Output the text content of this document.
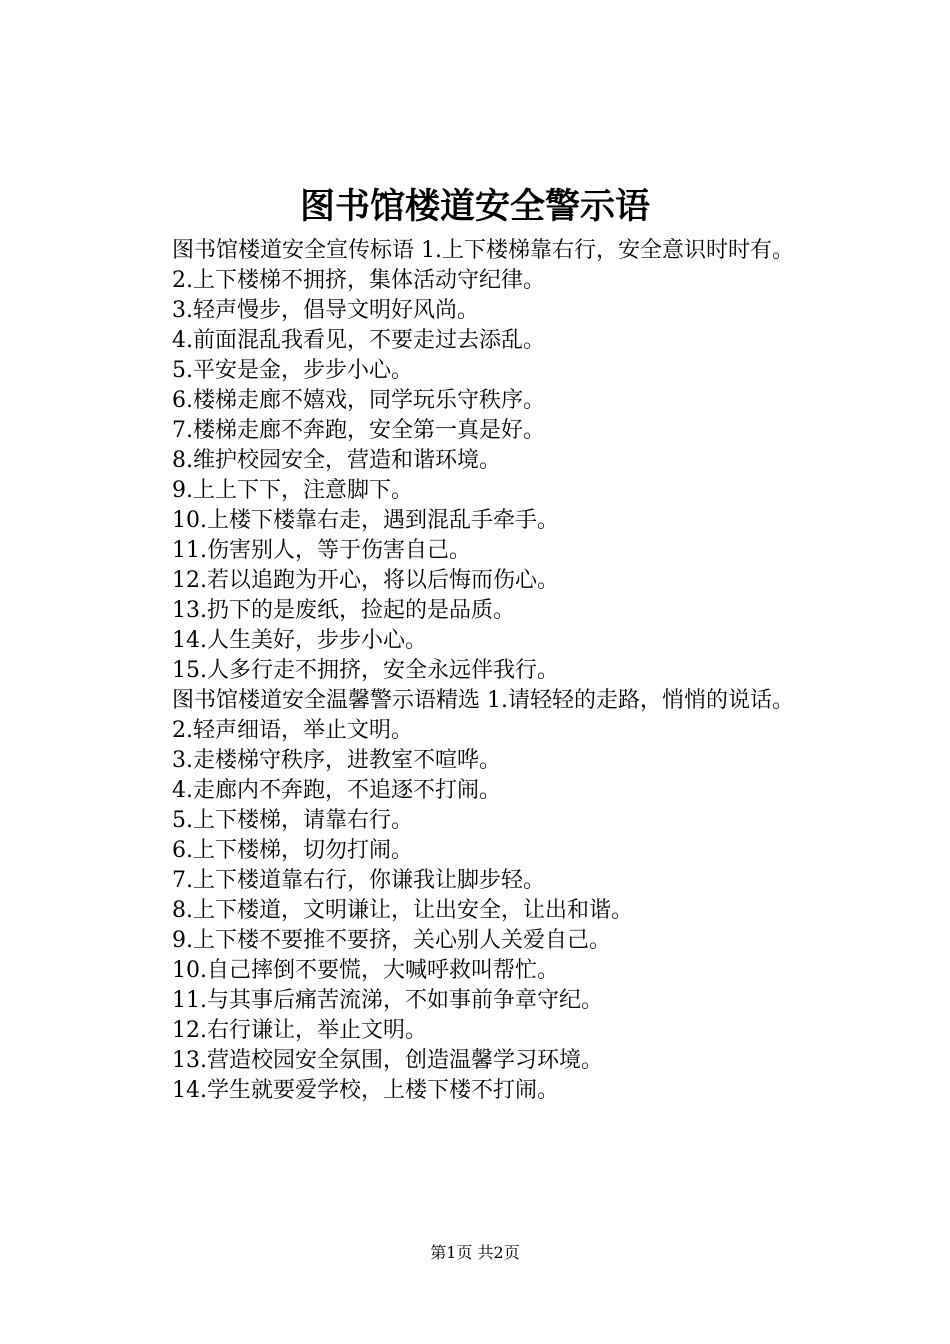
图书馆楼道安全警示语

图书馆楼道安全宣传标语 1.上下楼梯靠右行，安全意识时时有。

2.上下楼梯不拥挤，集体活动守纪律。

3.轻声慢步，倡导文明好风尚。

4.前面混乱我看见，不要走过去添乱。

5.平安是金，步步小心。

6.楼梯走廊不嬉戏，同学玩乐守秩序。

7.楼梯走廊不奔跑，安全第一真是好。

8.维护校园安全，营造和谐环境。

9.上上下下，注意脚下。

10.上楼下楼靠右走，遇到混乱手牵手。

11.伤害别人，等于伤害自己。

12.若以追跑为开心，将以后悔而伤心。

13.扔下的是废纸，捡起的是品质。

14.人生美好，步步小心。

15.人多行走不拥挤，安全永远伴我行。

图书馆楼道安全温馨警示语精选 1.请轻轻的走路，悄悄的说话。

2.轻声细语，举止文明。

3.走楼梯守秩序，进教室不喧哗。

4.走廊内不奔跑，不追逐不打闹。

5.上下楼梯，请靠右行。

6.上下楼梯，切勿打闹。

7.上下楼道靠右行，你谦我让脚步轻。

8.上下楼道，文明谦让，让出安全，让出和谐。

9.上下楼不要推不要挤，关心别人关爱自己。

10.自己摔倒不要慌，大喊呼救叫帮忙。

11.与其事后痛苦流涕，不如事前争章守纪。

12.右行谦让，举止文明。

13.营造校园安全氛围，创造温馨学习环境。

14.学生就要爱学校，上楼下楼不打闹。

第1页 共2页
